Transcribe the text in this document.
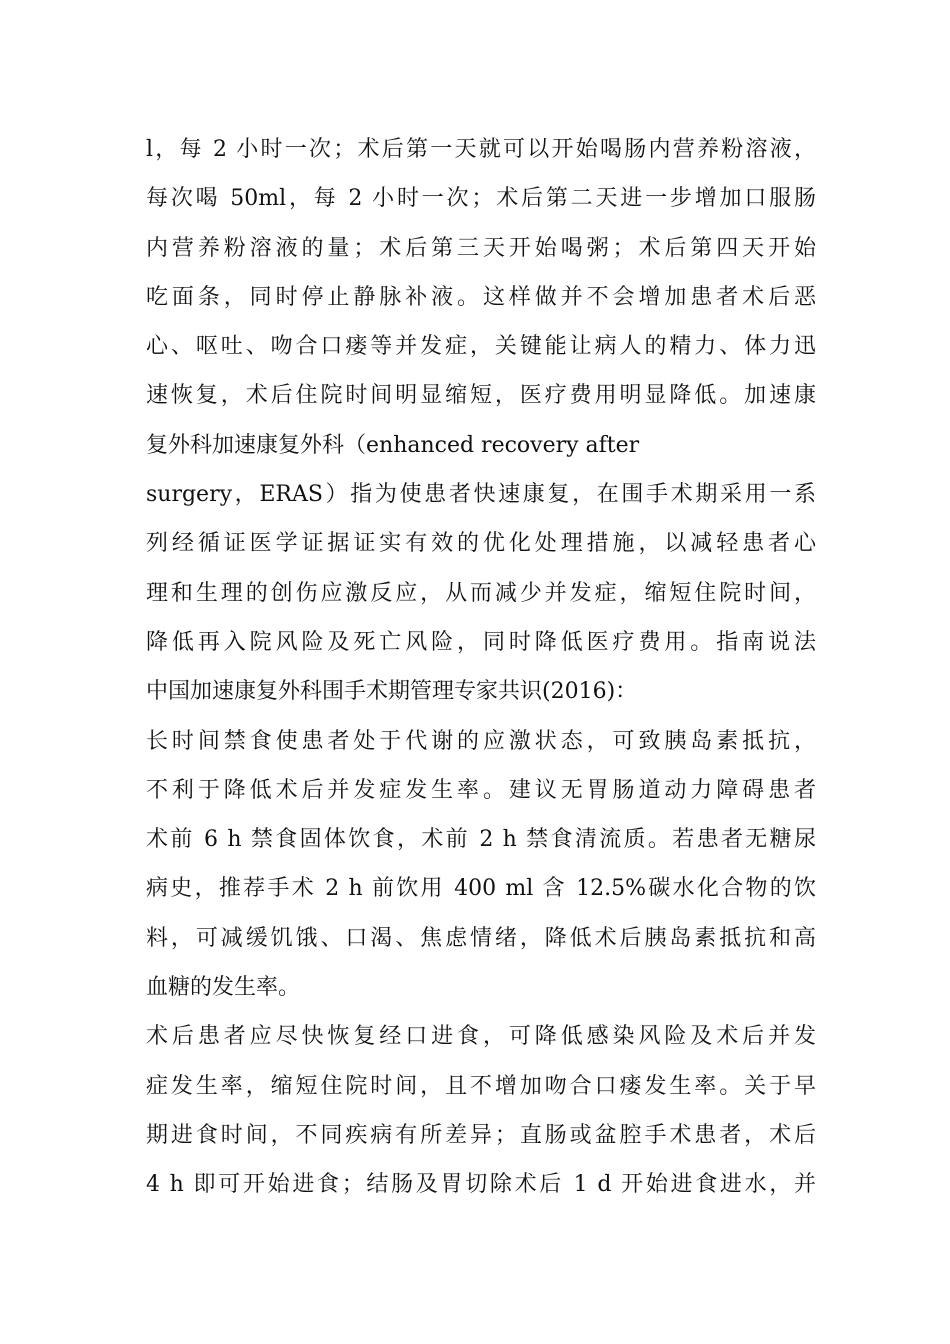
l，每 2 小时一次；术后第一天就可以开始喝肠内营养粉溶液，
每次喝 50ml，每 2 小时一次；术后第二天进一步增加口服肠
内营养粉溶液的量；术后第三天开始喝粥；术后第四天开始
吃面条，同时停止静脉补液。这样做并不会增加患者术后恶
心、呕吐、吻合口瘘等并发症，关键能让病人的精力、体力迅
速恢复，术后住院时间明显缩短，医疗费用明显降低。加速康
复外科加速康复外科（enhanced recovery after
surgery，ERAS）指为使患者快速康复，在围手术期采用一系
列经循证医学证据证实有效的优化处理措施，以减轻患者心
理和生理的创伤应激反应，从而减少并发症，缩短住院时间，
降低再入院风险及死亡风险，同时降低医疗费用。指南说法
中国加速康复外科围手术期管理专家共识(2016)：
长时间禁食使患者处于代谢的应激状态，可致胰岛素抵抗，
不利于降低术后并发症发生率。建议无胃肠道动力障碍患者
术前 6 h 禁食固体饮食，术前 2 h 禁食清流质。若患者无糖尿
病史，推荐手术 2 h 前饮用 400 ml 含 12.5%碳水化合物的饮
料，可减缓饥饿、口渴、焦虑情绪，降低术后胰岛素抵抗和高
血糖的发生率。
术后患者应尽快恢复经口进食，可降低感染风险及术后并发
症发生率，缩短住院时间，且不增加吻合口瘘发生率。关于早
期进食时间，不同疾病有所差异；直肠或盆腔手术患者，术后
4 h 即可开始进食；结肠及胃切除术后 1 d 开始进食进水，并
